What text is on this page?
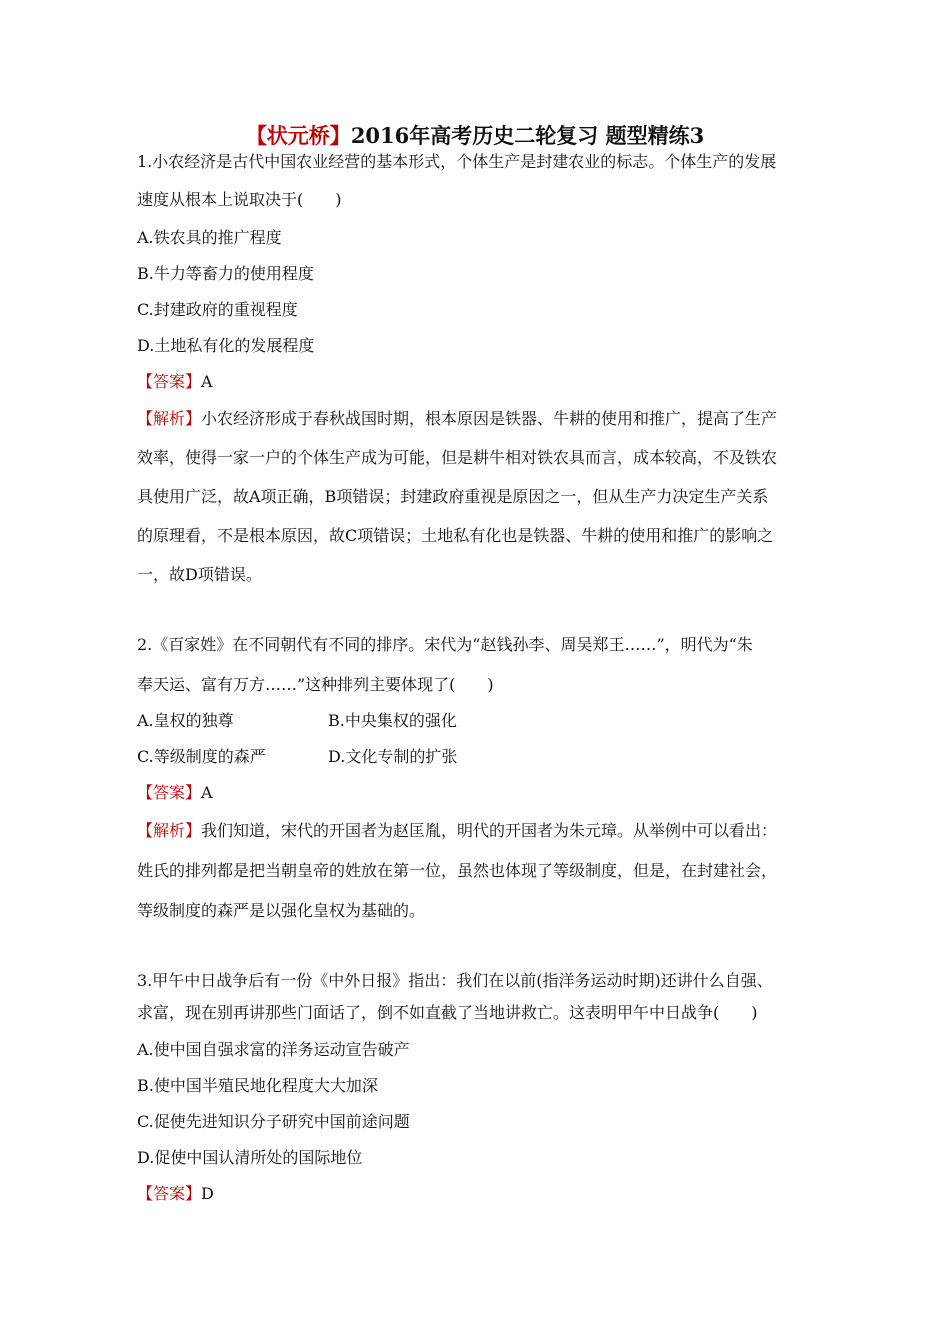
【状元桥】2016年高考历史二轮复习 题型精练3
1.小农经济是古代中国农业经营的基本形式，个体生产是封建农业的标志。个体生产的发展
速度从根本上说取决于(　　)
A.铁农具的推广程度
B.牛力等畜力的使用程度
C.封建政府的重视程度
D.土地私有化的发展程度
【答案】A
【解析】小农经济形成于春秋战国时期，根本原因是铁器、牛耕的使用和推广，提高了生产
效率，使得一家一户的个体生产成为可能，但是耕牛相对铁农具而言，成本较高，不及铁农
具使用广泛，故A项正确，B项错误；封建政府重视是原因之一，但从生产力决定生产关系
的原理看，不是根本原因，故C项错误；土地私有化也是铁器、牛耕的使用和推广的影响之
一，故D项错误。
2.《百家姓》在不同朝代有不同的排序。宋代为“赵钱孙李、周吴郑王……”，明代为“朱
奉天运、富有万方……”这种排列主要体现了(　　)
A.皇权的独尊	B.中央集权的强化
C.等级制度的森严	D.文化专制的扩张
【答案】A
【解析】我们知道，宋代的开国者为赵匡胤，明代的开国者为朱元璋。从举例中可以看出：
姓氏的排列都是把当朝皇帝的姓放在第一位，虽然也体现了等级制度，但是，在封建社会，
等级制度的森严是以强化皇权为基础的。
3.甲午中日战争后有一份《中外日报》指出：我们在以前(指洋务运动时期)还讲什么自强、
求富，现在别再讲那些门面话了，倒不如直截了当地讲救亡。这表明甲午中日战争(　　)
A.使中国自强求富的洋务运动宣告破产
B.使中国半殖民地化程度大大加深
C.促使先进知识分子研究中国前途问题
D.促使中国认清所处的国际地位
【答案】D
